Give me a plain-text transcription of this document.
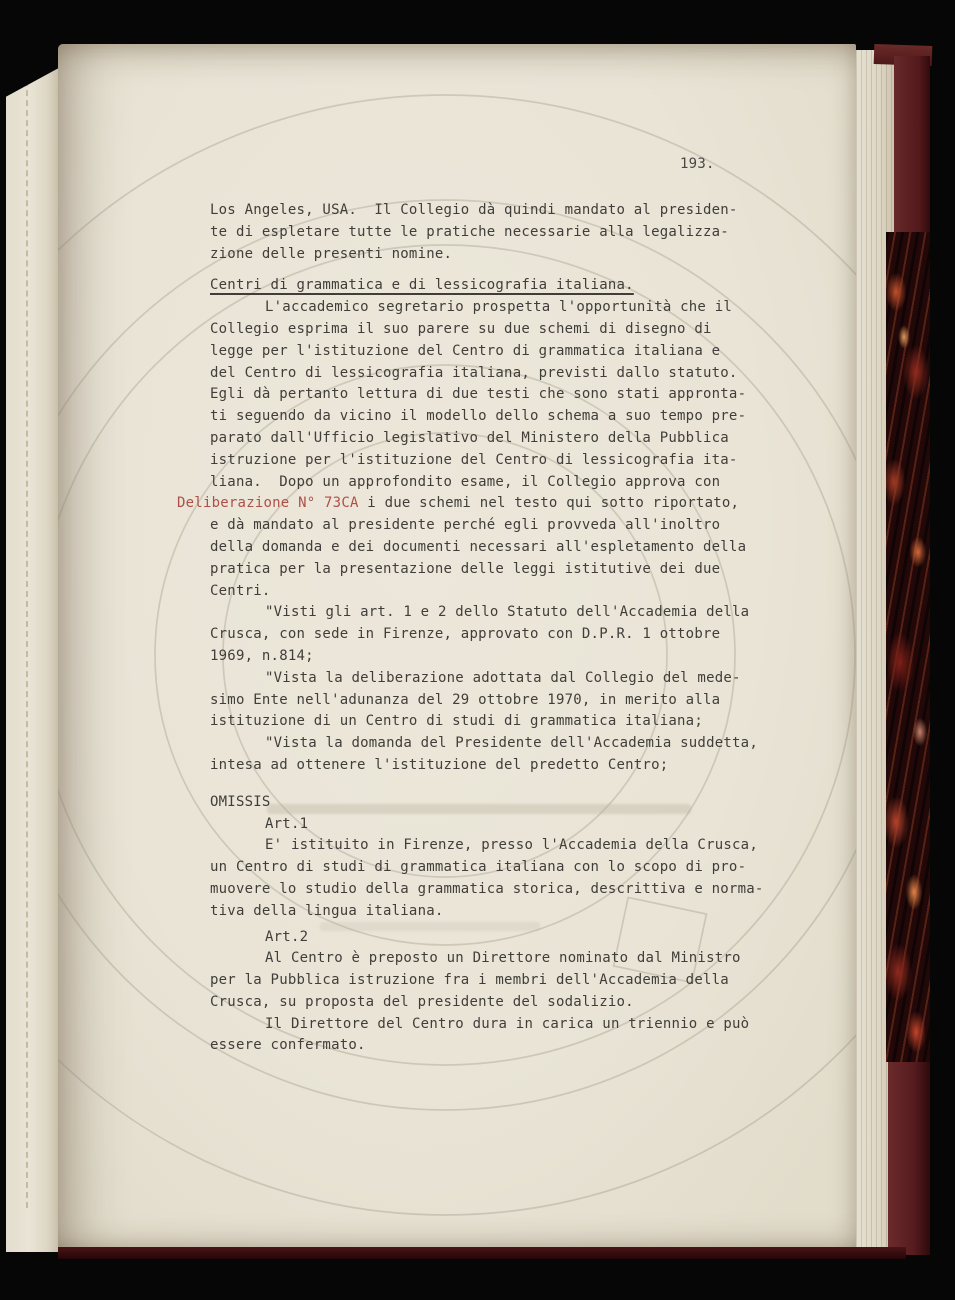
193.
Los Angeles, USA.  Il Collegio dà quindi mandato al presiden-
te di espletare tutte le pratiche necessarie alla legalizza-
zione delle presenti nomine.
Centri di grammatica e di lessicografia italiana.
L'accademico segretario prospetta l'opportunità che il
Collegio esprima il suo parere su due schemi di disegno di
legge per l'istituzione del Centro di grammatica italiana e
del Centro di lessicografia italiana, previsti dallo statuto.
Egli dà pertanto lettura di due testi che sono stati appronta-
ti seguendo da vicino il modello dello schema a suo tempo pre-
parato dall'Ufficio legislativo del Ministero della Pubblica
istruzione per l'istituzione del Centro di lessicografia ita-
liana.  Dopo un approfondito esame, il Collegio approva con
Deliberazione N° 73CA i due schemi nel testo qui sotto riportato,
e dà mandato al presidente perché egli provveda all'inoltro
della domanda e dei documenti necessari all'espletamento della
pratica per la presentazione delle leggi istitutive dei due
Centri.
"Visti gli art. 1 e 2 dello Statuto dell'Accademia della
Crusca, con sede in Firenze, approvato con D.P.R. 1 ottobre
1969, n.814;
"Vista la deliberazione adottata dal Collegio del mede-
simo Ente nell'adunanza del 29 ottobre 1970, in merito alla
istituzione di un Centro di studi di grammatica italiana;
"Vista la domanda del Presidente dell'Accademia suddetta,
intesa ad ottenere l'istituzione del predetto Centro;
OMISSIS
Art.1
E' istituito in Firenze, presso l'Accademia della Crusca,
un Centro di studi di grammatica italiana con lo scopo di pro-
muovere lo studio della grammatica storica, descrittiva e norma-
tiva della lingua italiana.
Art.2
Al Centro è preposto un Direttore nominato dal Ministro
per la Pubblica istruzione fra i membri dell'Accademia della
Crusca, su proposta del presidente del sodalizio.
Il Direttore del Centro dura in carica un triennio e può
essere confermato.
